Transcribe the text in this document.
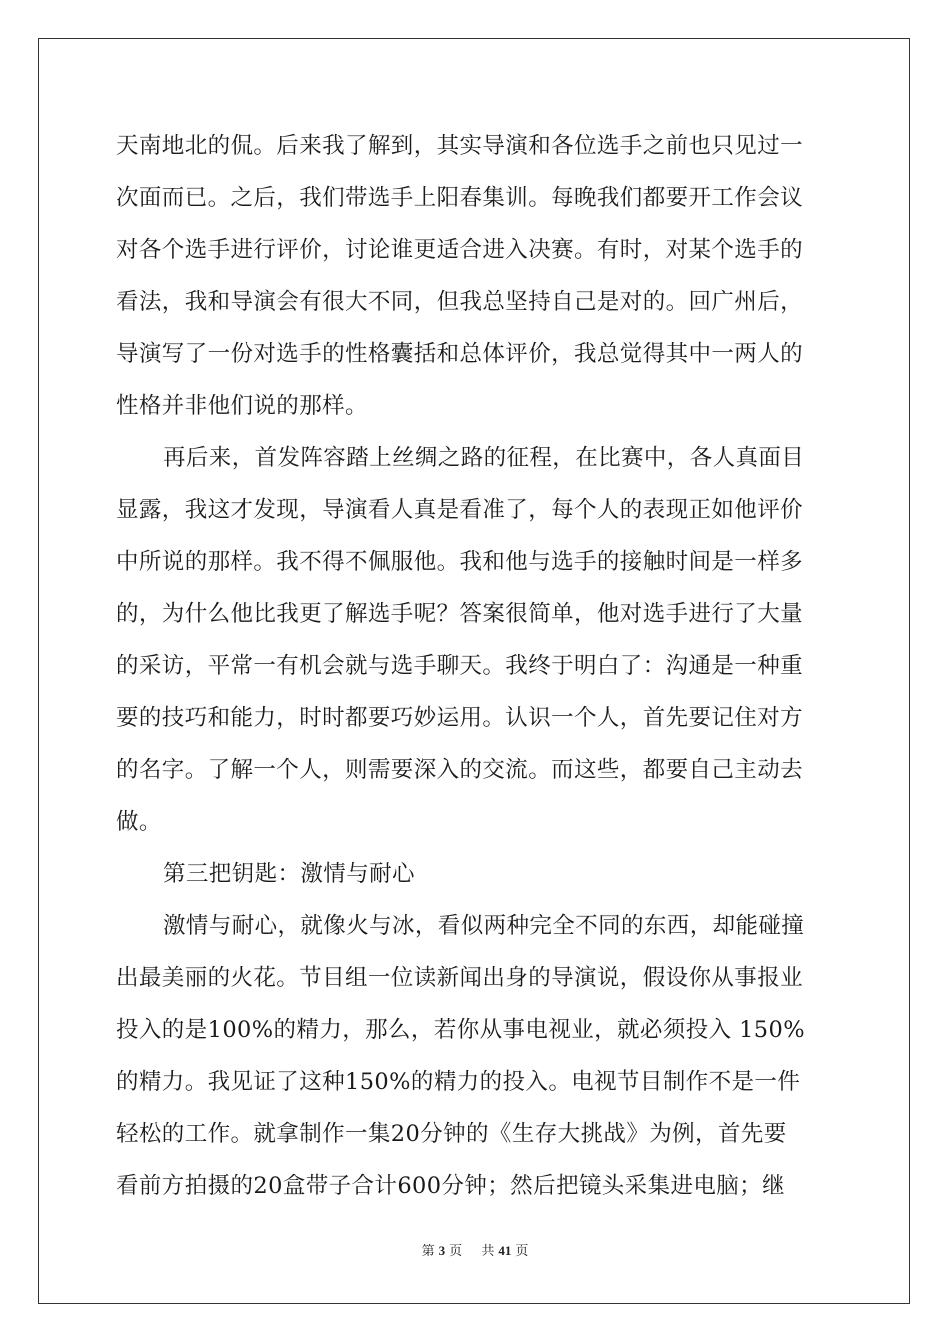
天南地北的侃。后来我了解到，其实导演和各位选手之前也只见过一
次面而已。之后，我们带选手上阳春集训。每晚我们都要开工作会议
对各个选手进行评价，讨论谁更适合进入决赛。有时，对某个选手的
看法，我和导演会有很大不同，但我总坚持自己是对的。回广州后，
导演写了一份对选手的性格囊括和总体评价，我总觉得其中一两人的
性格并非他们说的那样。
再后来，首发阵容踏上丝绸之路的征程，在比赛中，各人真面目
显露，我这才发现，导演看人真是看准了，每个人的表现正如他评价
中所说的那样。我不得不佩服他。我和他与选手的接触时间是一样多
的，为什么他比我更了解选手呢？答案很简单，他对选手进行了大量
的采访，平常一有机会就与选手聊天。我终于明白了：沟通是一种重
要的技巧和能力，时时都要巧妙运用。认识一个人，首先要记住对方
的名字。了解一个人，则需要深入的交流。而这些，都要自己主动去
做。
第三把钥匙：激情与耐心
激情与耐心，就像火与冰，看似两种完全不同的东西，却能碰撞
出最美丽的火花。节目组一位读新闻出身的导演说，假设你从事报业
投入的是100%的精力，那么，若你从事电视业，就必须投入 150%
的精力。我见证了这种150%的精力的投入。电视节目制作不是一件
轻松的工作。就拿制作一集20分钟的《生存大挑战》为例，首先要
看前方拍摄的20盒带子合计600分钟；然后把镜头采集进电脑；继
第 3 页 共 41 页
